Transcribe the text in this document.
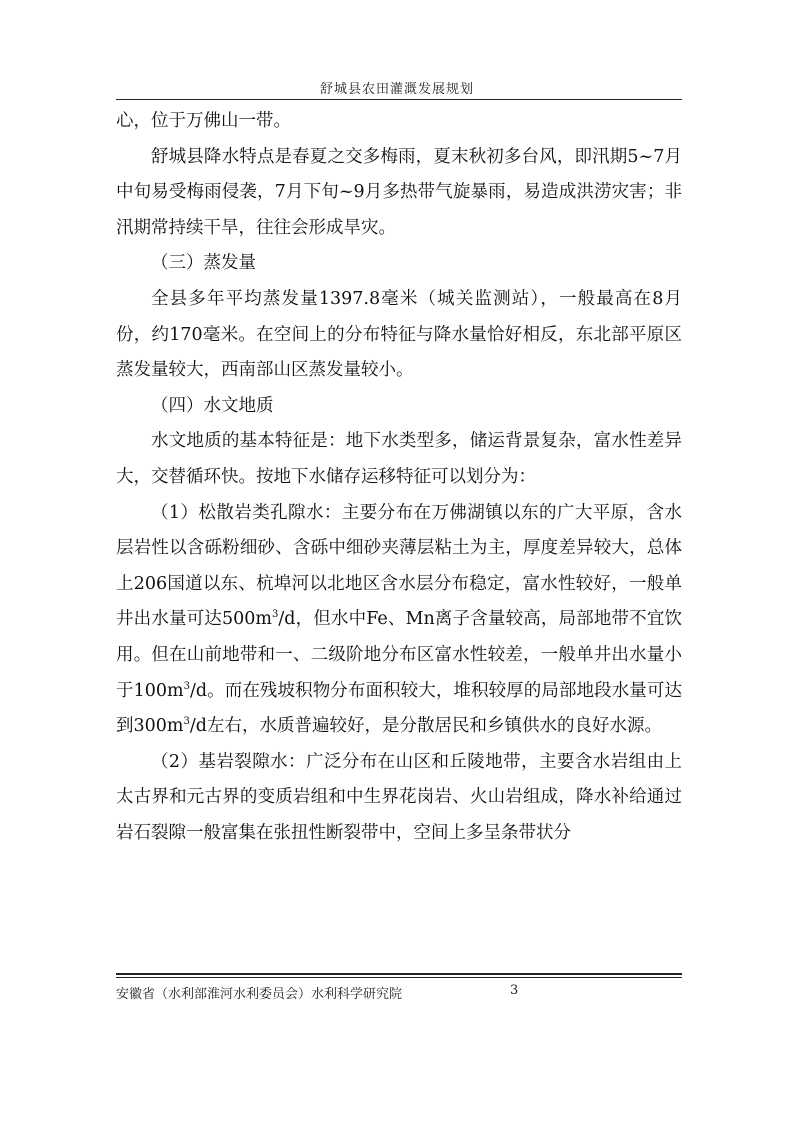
舒城县农田灌溉发展规划

心，位于万佛山一带。

舒城县降水特点是春夏之交多梅雨，夏末秋初多台风，即汛期5~7月中旬易受梅雨侵袭，7月下旬~9月多热带气旋暴雨，易造成洪涝灾害；非汛期常持续干旱，往往会形成旱灾。

（三）蒸发量

全县多年平均蒸发量1397.8毫米（城关监测站），一般最高在8月份，约170毫米。在空间上的分布特征与降水量恰好相反，东北部平原区蒸发量较大，西南部山区蒸发量较小。

（四）水文地质

水文地质的基本特征是：地下水类型多，储运背景复杂，富水性差异大，交替循环快。按地下水储存运移特征可以划分为：

（1）松散岩类孔隙水：主要分布在万佛湖镇以东的广大平原，含水层岩性以含砾粉细砂、含砾中细砂夹薄层粘土为主，厚度差异较大，总体上206国道以东、杭埠河以北地区含水层分布稳定，富水性较好，一般单井出水量可达$500m^3/d$，但水中Fe、Mn离子含量较高，局部地带不宜饮用。但在山前地带和一、二级阶地分布区富水性较差，一般单井出水量小于$100m^3/d$。而在残坡积物分布面积较大，堆积较厚的局部地段水量可达到$300m^3/d$左右，水质普遍较好，是分散居民和乡镇供水的良好水源。

（2）基岩裂隙水：广泛分布在山区和丘陵地带，主要含水岩组由上太古界和元古界的变质岩组和中生界花岗岩、火山岩组成，降水补给通过岩石裂隙一般富集在张扭性断裂带中，空间上多呈条带状分

安徽省（水利部淮河水利委员会）水利科学研究院	3
